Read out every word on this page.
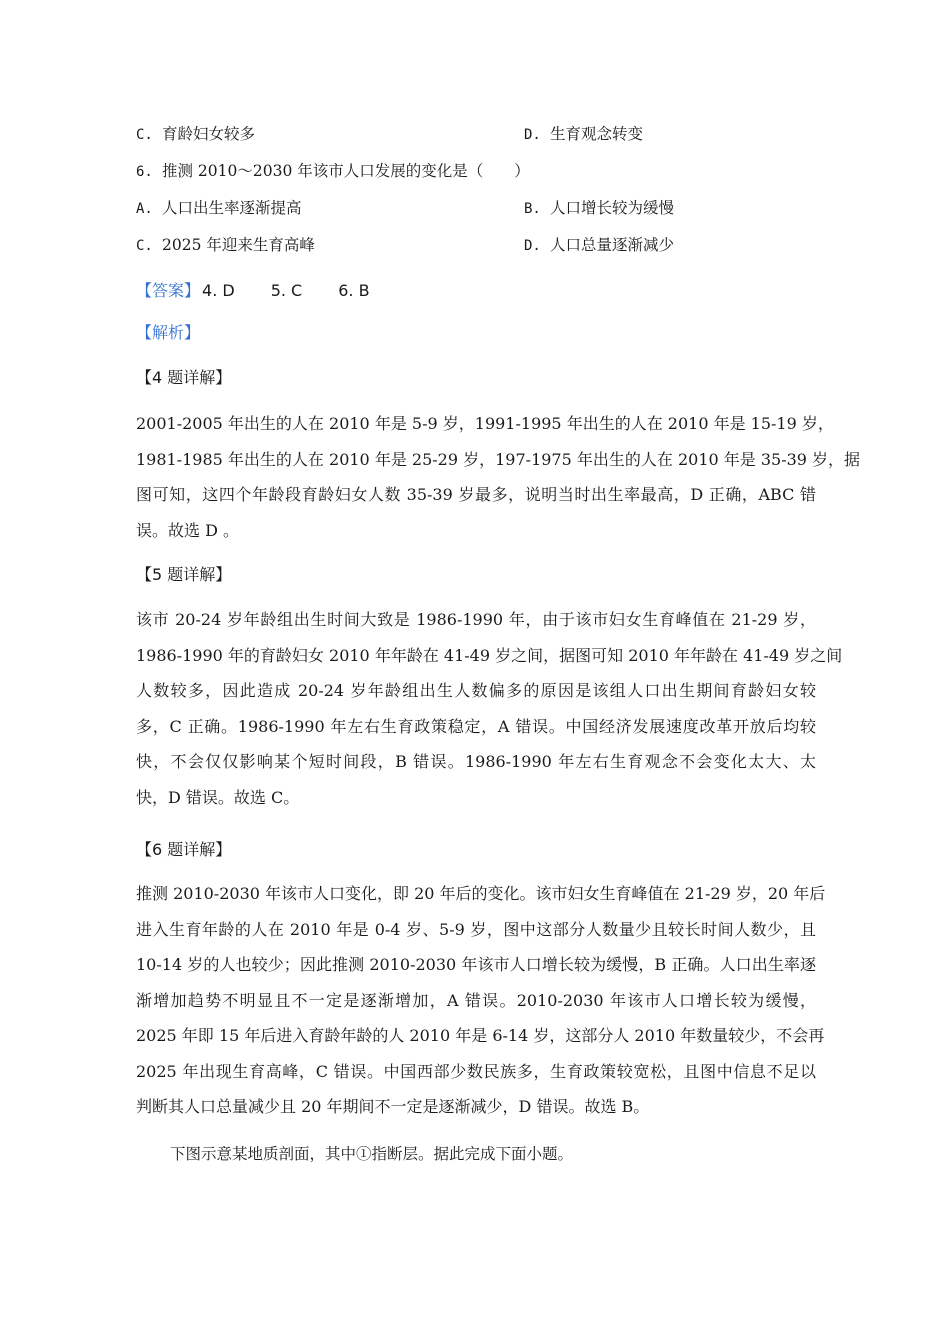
C. 育龄妇女较多	D. 生育观念转变
6. 推测 2010～2030 年该市人口发展的变化是（　　）
A. 人口出生率逐渐提高	B. 人口增长较为缓慢
C. 2025 年迎来生育高峰	D. 人口总量逐渐减少
【答案】 4. D 5. C 6. B
【解析】
【4 题详解】
2001-2005 年出生的人在 2010 年是 5-9 岁，1991-1995 年出生的人在 2010 年是 15-19 岁，
1981-1985 年出生的人在 2010 年是 25-29 岁，197-1975 年出生的人在 2010 年是 35-39 岁，据
图可知，这四个年龄段育龄妇女人数 35-39 岁最多，说明当时出生率最高，D 正确，ABC 错
误。故选 D 。
【5 题详解】
该市 20-24 岁年龄组出生时间大致是 1986-1990 年，由于该市妇女生育峰值在 21-29 岁，
1986-1990 年的育龄妇女 2010 年年龄在 41-49 岁之间，据图可知 2010 年年龄在 41-49 岁之间
人数较多，因此造成 20-24 岁年龄组出生人数偏多的原因是该组人口出生期间育龄妇女较
多，C 正确。1986-1990 年左右生育政策稳定，A 错误。中国经济发展速度改革开放后均较
快，不会仅仅影响某个短时间段，B 错误。1986-1990 年左右生育观念不会变化太大、太
快，D 错误。故选 C。
【6 题详解】
推测 2010-2030 年该市人口变化，即 20 年后的变化。该市妇女生育峰值在 21-29 岁，20 年后
进入生育年龄的人在 2010 年是 0-4 岁、5-9 岁，图中这部分人数量少且较长时间人数少，且
10-14 岁的人也较少；因此推测 2010-2030 年该市人口增长较为缓慢，B 正确。人口出生率逐
渐增加趋势不明显且不一定是逐渐增加，A 错误。2010-2030 年该市人口增长较为缓慢，
2025 年即 15 年后进入育龄年龄的人 2010 年是 6-14 岁，这部分人 2010 年数量较少，不会再
2025 年出现生育高峰，C 错误。中国西部少数民族多，生育政策较宽松，且图中信息不足以
判断其人口总量减少且 20 年期间不一定是逐渐减少，D 错误。故选 B。
下图示意某地质剖面，其中①指断层。据此完成下面小题。
